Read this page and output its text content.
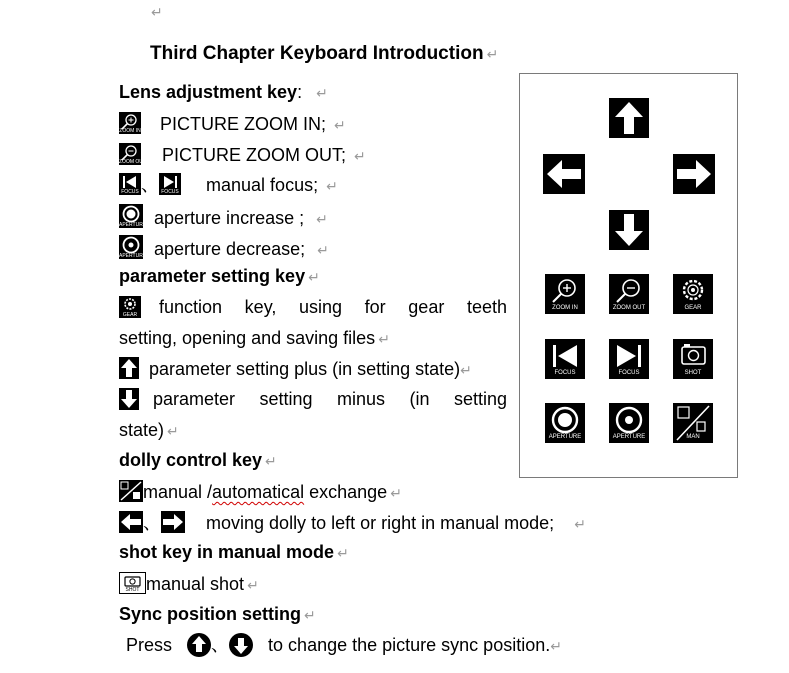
↵
Third Chapter Keyboard Introduction ↵
Lens adjustment key: ↵
ZOOM IN PICTURE ZOOM IN; ↵
ZOOM OUT PICTURE ZOOM OUT; ↵
FOCUS 、 FOCUS manual focus; ↵
APERTURE aperture increase ; ↵
APERTURE aperture decrease; ↵
parameter setting key ↵
GEAR function key, using for gear teeth
setting, opening and saving files ↵
parameter setting plus (in setting state)↵
parameter setting minus (in setting
state) ↵
dolly control key ↵
manual /automatical exchange ↵
、	moving dolly to left or right in manual mode; ↵
shot key in manual mode ↵
SHOT manual shot ↵
Sync position setting ↵
Press 、 to change the picture sync position.↵
ZOOM IN	ZOOM OUT	GEAR
FOCUS	FOCUS	SHOT
APERTURE	APERTURE	MAN
